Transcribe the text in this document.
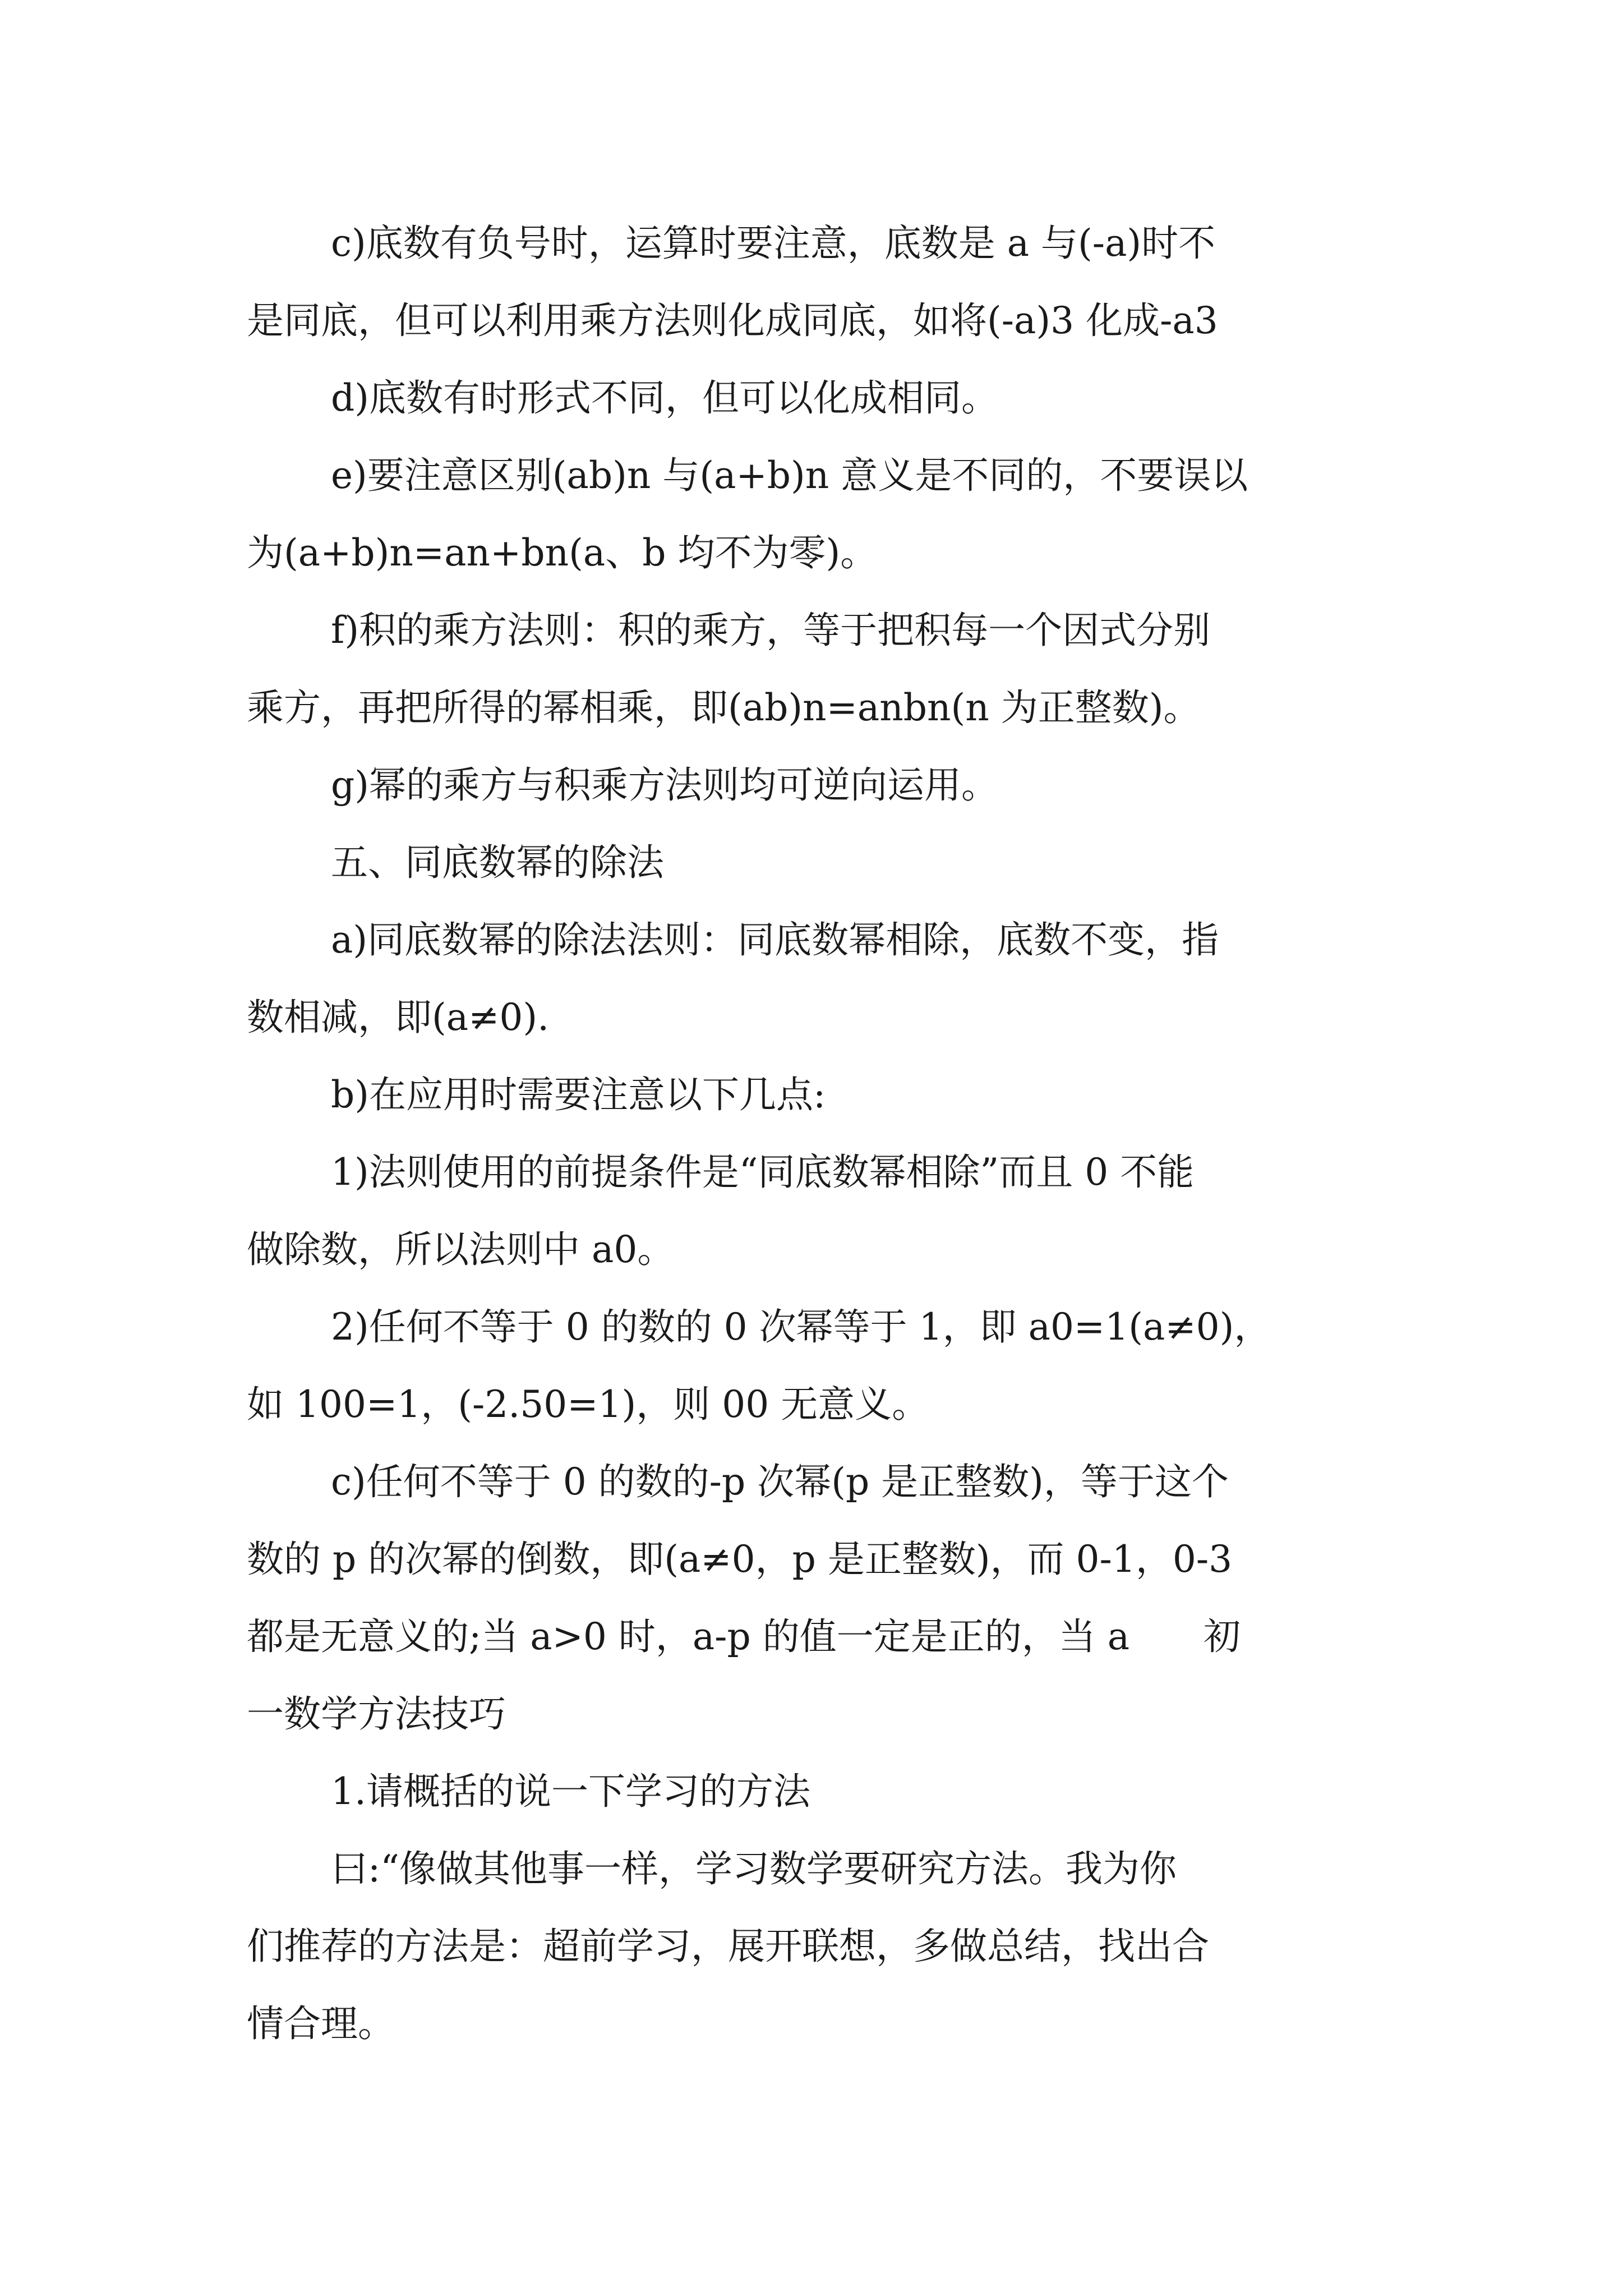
c)底数有负号时，运算时要注意，底数是 a 与(-a)时不
是同底，但可以利用乘方法则化成同底，如将(-a)3 化成-a3
d)底数有时形式不同，但可以化成相同。
e)要注意区别(ab)n 与(a+b)n 意义是不同的，不要误以
为(a+b)n=an+bn(a、b 均不为零)。
f)积的乘方法则：积的乘方，等于把积每一个因式分别
乘方，再把所得的幂相乘，即(ab)n=anbn(n 为正整数)。
g)幂的乘方与积乘方法则均可逆向运用。
五、同底数幂的除法
a)同底数幂的除法法则：同底数幂相除，底数不变，指
数相减，即(a≠0).
b)在应用时需要注意以下几点:
1)法则使用的前提条件是“同底数幂相除”而且 0 不能
做除数，所以法则中 a0。
2)任何不等于 0 的数的 0 次幂等于 1，即 a0=1(a≠0)，
如 100=1，(-2.50=1)，则 00 无意义。
c)任何不等于 0 的数的-p 次幂(p 是正整数)，等于这个
数的 p 的次幂的倒数，即(a≠0，p 是正整数)，而 0-1，0-3
都是无意义的;当 a>0 时，a-p 的值一定是正的，当 a　　初
一数学方法技巧
1.请概括的说一下学习的方法
曰:“像做其他事一样，学习数学要研究方法。我为你
们推荐的方法是：超前学习，展开联想，多做总结，找出合
情合理。
